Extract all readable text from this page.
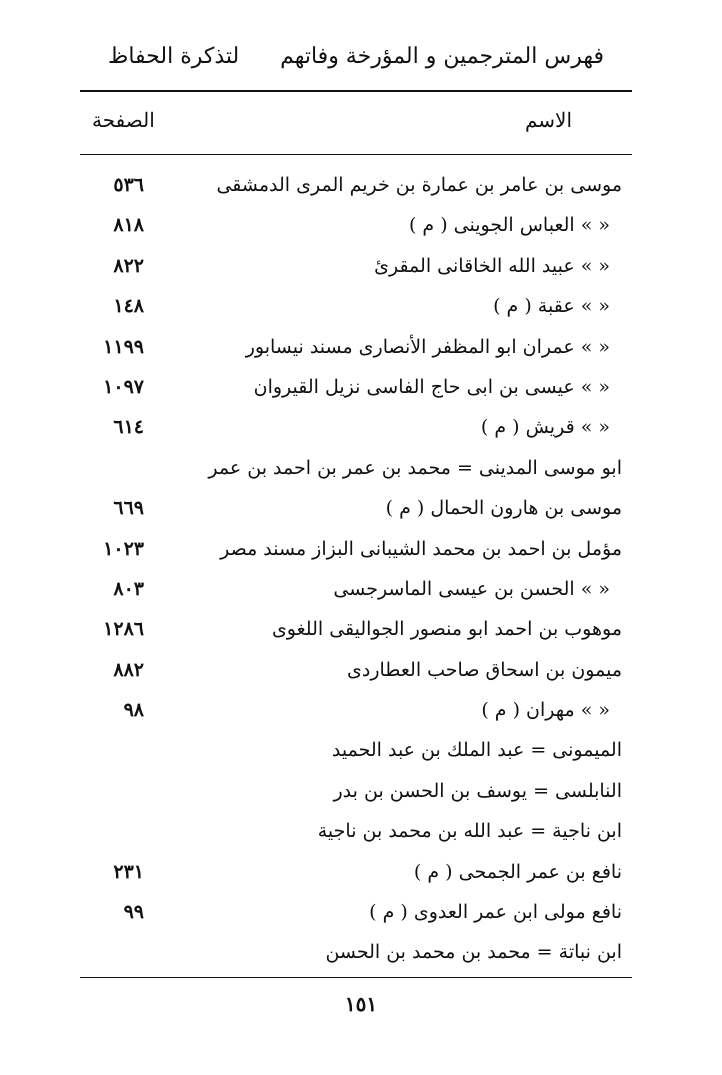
فهرس المترجمين و المؤرخة وفاتهم
لتذكرة الحفاظ
الاسم
الصفحة
موسى بن عامر بن عمارة بن خريم المرى الدمشقى
٥٣٦
« » العباس الجوينى ( م )
٨١٨
« » عبيد الله الخاقانى المقرئ
٨٢٢
« » عقبة ( م )
١٤٨
« » عمران ابو المظفر الأنصارى مسند نيسابور
١١٩٩
« » عيسى بن ابى حاج الفاسى نزيل القيروان
١٠٩٧
« » قريش ( م )
٦١٤
ابو موسى المدينى = محمد بن عمر بن احمد بن عمر
موسى بن هارون الحمال ( م )
٦٦٩
مؤمل بن احمد بن محمد الشيبانى البزاز مسند مصر
١٠٢٣
« » الحسن بن عيسى الماسرجسى
٨٠٣
موهوب بن احمد ابو منصور الجواليقى اللغوى
١٢٨٦
ميمون بن اسحاق صاحب العطاردى
٨٨٢
« » مهران ( م )
٩٨
الميمونى = عبد الملك بن عبد الحميد
النابلسى = يوسف بن الحسن بن بدر
ابن ناجية = عبد الله بن محمد بن ناجية
نافع بن عمر الجمحى ( م )
٢٣١
نافع مولى ابن عمر العدوى ( م )
٩٩
ابن نباتة = محمد بن محمد بن الحسن
١٥١
